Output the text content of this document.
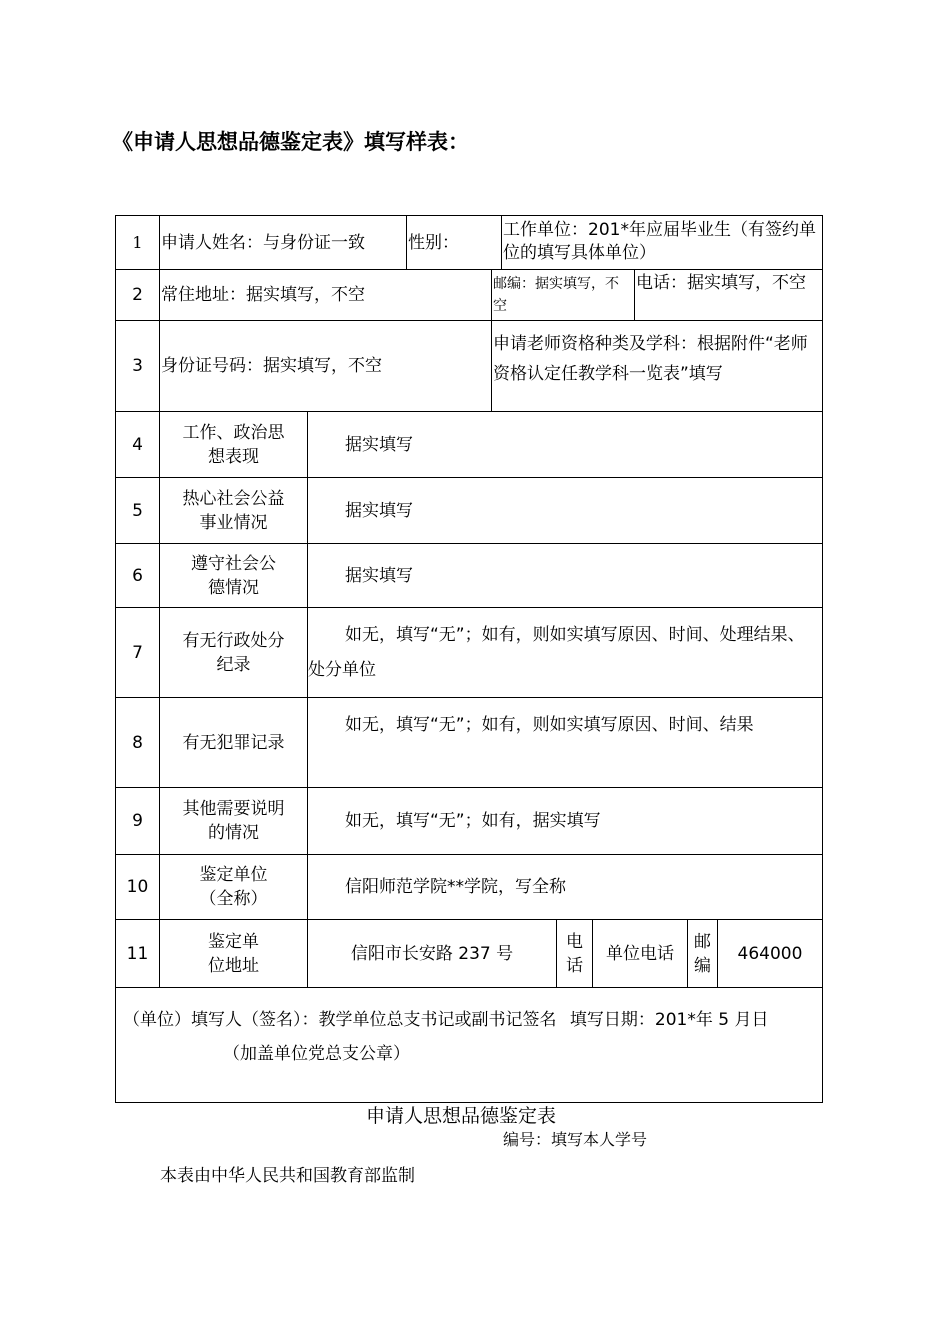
《申请人思想品德鉴定表》填写样表：
1
2
3
4
5
6
7
8
9
10
11
申请人姓名：与身份证一致	性别：
工作单位：201*年应届毕业生（有签约单位的填写具体单位）
常住地址：据实填写，不空
邮编：据实填写，不空
电话：据实填写，不空
身份证号码：据实填写，不空
申请老师资格种类及学科：根据附件“老师资格认定任教学科一览表”填写
工作、政治思想表现
据实填写
热心社会公益事业情况
据实填写
遵守社会公德情况
据实填写
有无行政处分纪录
如无，填写“无”；如有，则如实填写原因、时间、处理结果、处分单位
有无犯罪记录
如无，填写“无”；如有，则如实填写原因、时间、结果
其他需要说明的情况
如无，填写“无”；如有，据实填写
鉴定单位（全称）
信阳师范学院**学院，写全称
鉴定单位地址
信阳市长安路 237 号
电话
单位电话
邮编
464000
（单位）填写人（签名）：教学单位总支书记或副书记签名 填写日期：201*年 5 月日
（加盖单位党总支公章）
申请人思想品德鉴定表
编号：填写本人学号
本表由中华人民共和国教育部监制
